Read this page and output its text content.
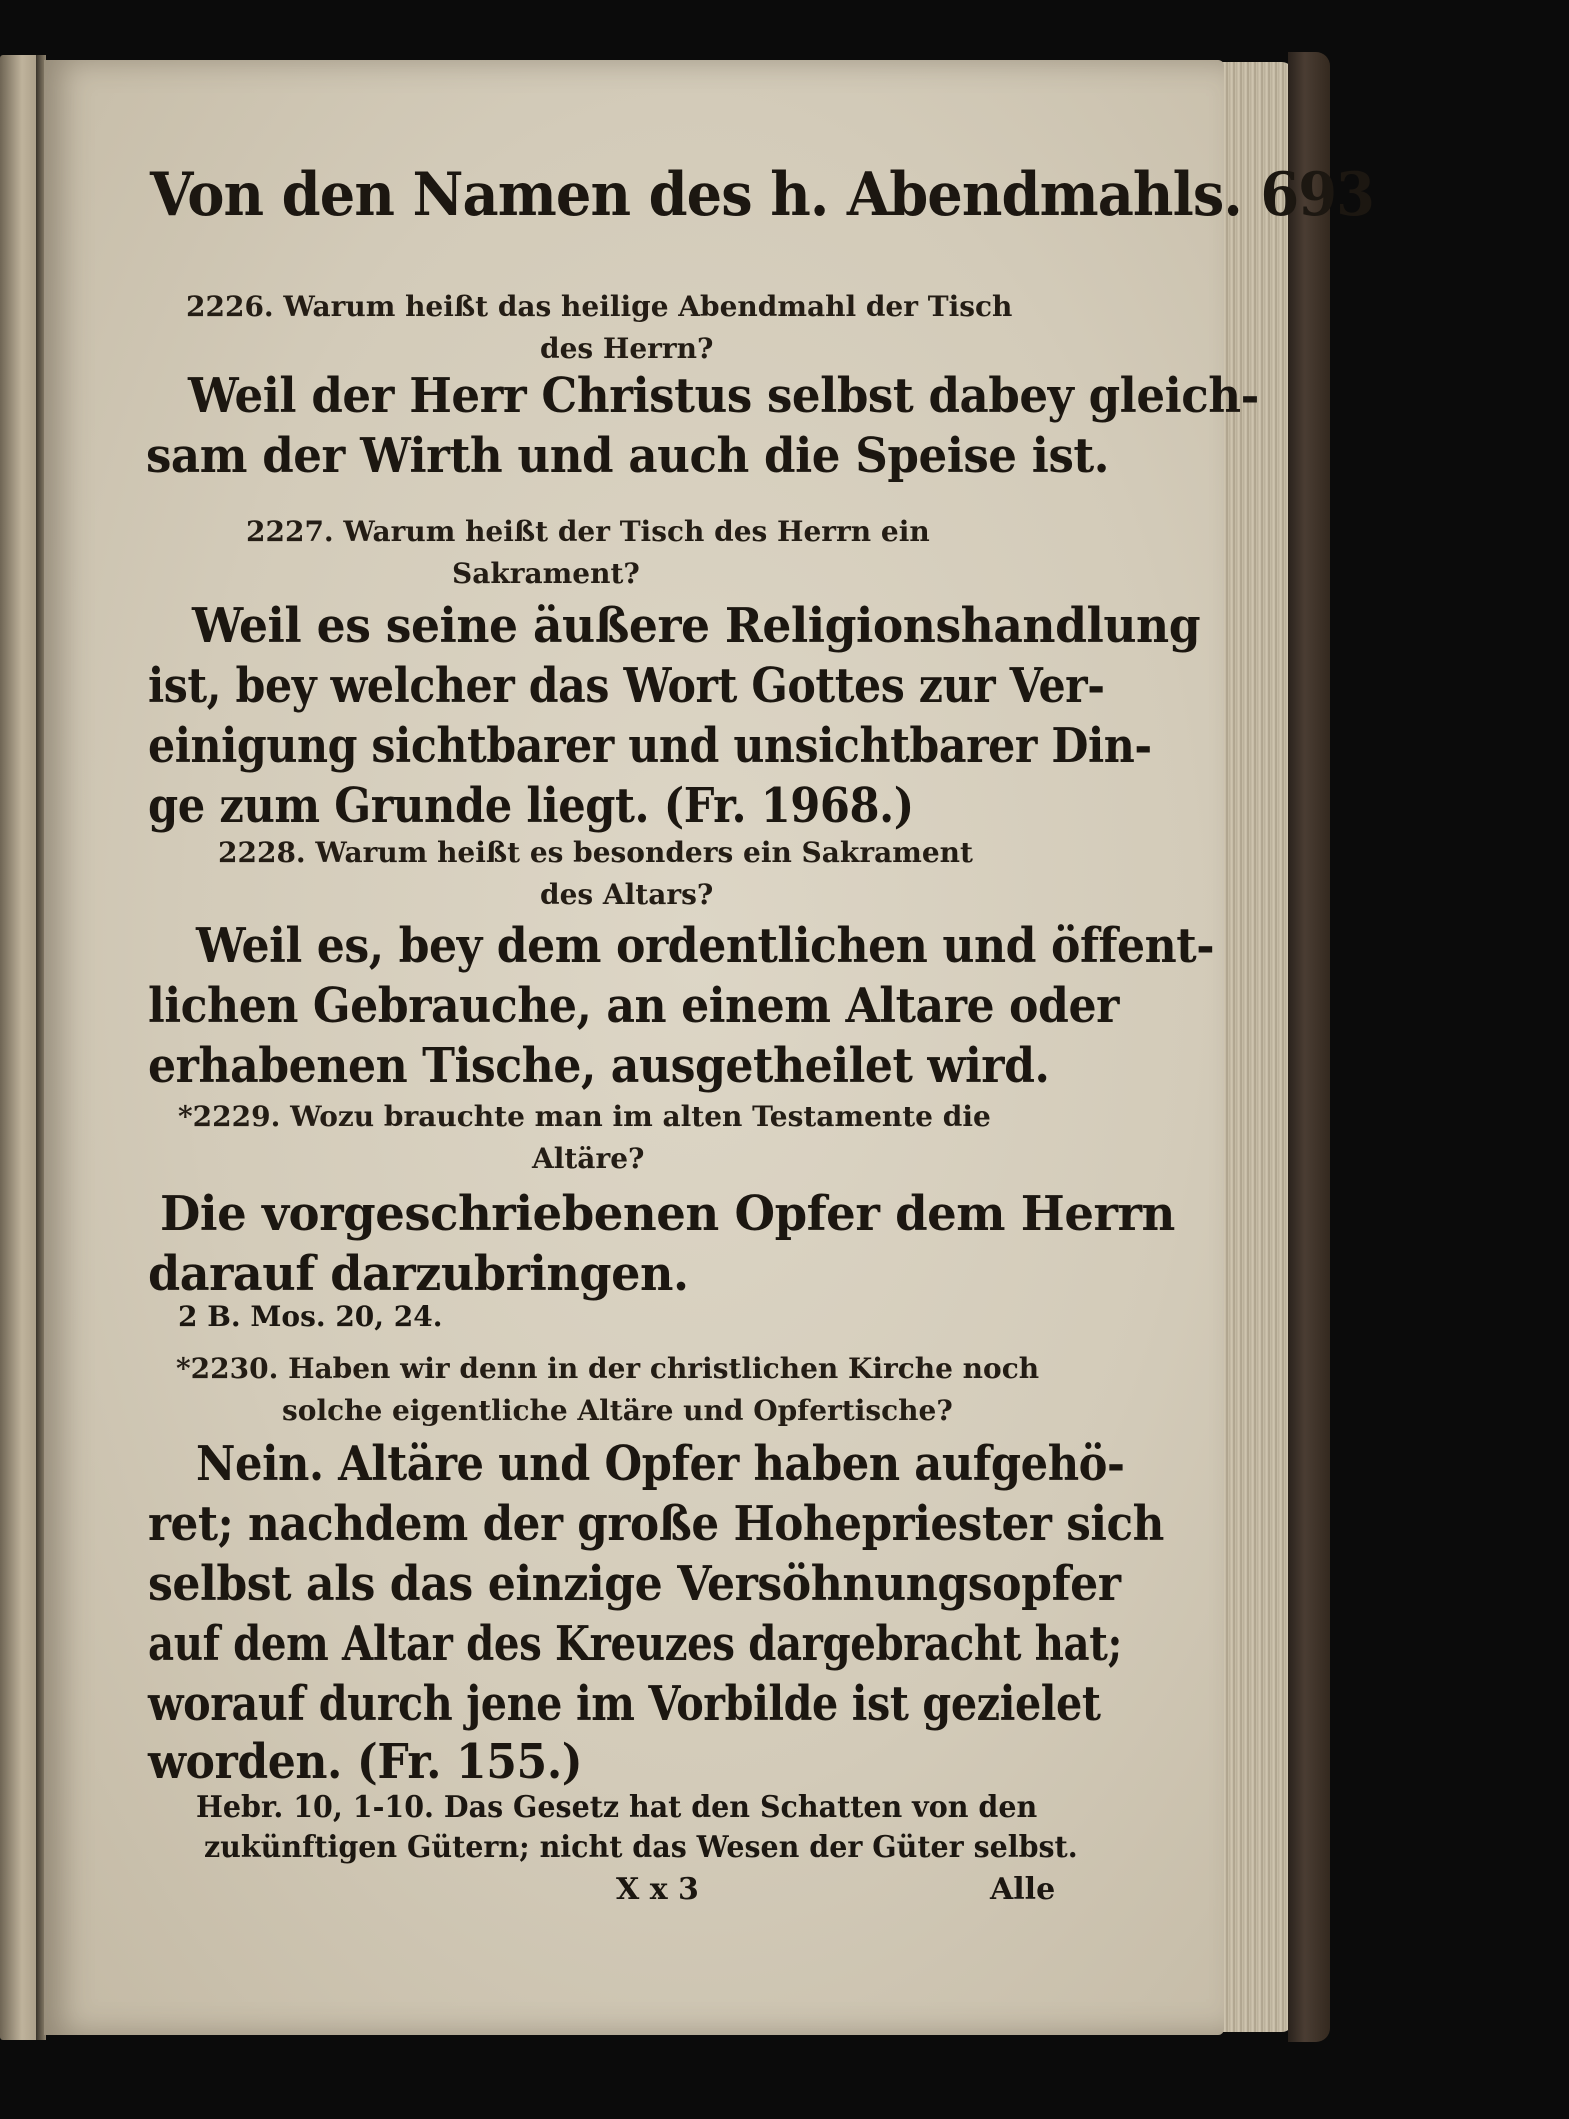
Von den Namen des h. Abendmahls. 693
2226. Warum heißt das heilige Abendmahl der Tisch
des Herrn?
Weil der Herr Christus selbst dabey gleich-
sam der Wirth und auch die Speise ist.
2227. Warum heißt der Tisch des Herrn ein
Sakrament?
Weil es seine äußere Religionshandlung
ist, bey welcher das Wort Gottes zur Ver-
einigung sichtbarer und unsichtbarer Din-
ge zum Grunde liegt. (Fr. 1968.)
2228. Warum heißt es besonders ein Sakrament
des Altars?
Weil es, bey dem ordentlichen und öffent-
lichen Gebrauche, an einem Altare oder
erhabenen Tische, ausgetheilet wird.
*2229. Wozu brauchte man im alten Testamente die
Altäre?
Die vorgeschriebenen Opfer dem Herrn
darauf darzubringen.
2 B. Mos. 20, 24.
*2230. Haben wir denn in der christlichen Kirche noch
solche eigentliche Altäre und Opfertische?
Nein. Altäre und Opfer haben aufgehö-
ret; nachdem der große Hohepriester sich
selbst als das einzige Versöhnungsopfer
auf dem Altar des Kreuzes dargebracht hat;
worauf durch jene im Vorbilde ist gezielet
worden. (Fr. 155.)
Hebr. 10, 1-10. Das Gesetz hat den Schatten von den
zukünftigen Gütern; nicht das Wesen der Güter selbst.
X x 3	Alle
